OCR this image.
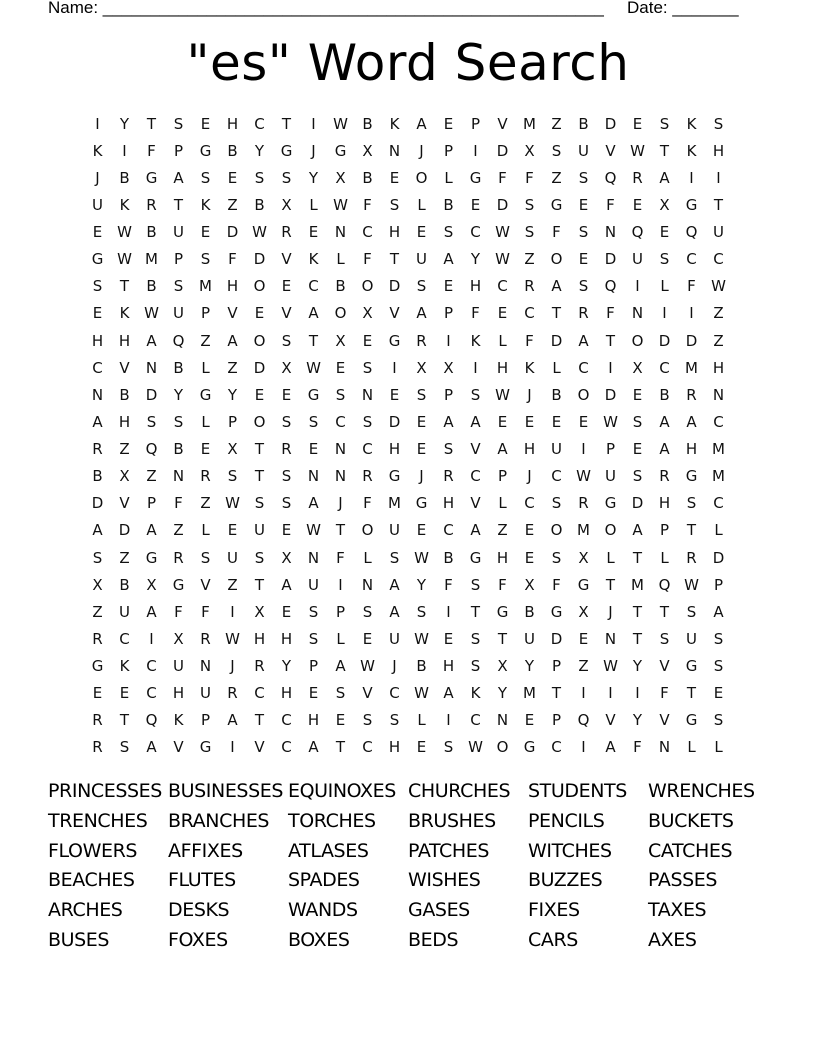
Name: _____________________________________________________ Date: _______
"es" Word Search
I	Y	T	S	E	H	C	T	I	W B	K	A	E	P	V	M	Z	B	D	E	S	K	S
K	I	F	P	G	B	Y	G	J	G	X	N	J	P	I	D	X	S	U	V W T	K	H
J	B	G	A	S	E	S	S	Y	X	B	E	O	L	G	F	F	Z	S	Q	R	A	I	I
U	K	R	T	K	Z	B	X	L	W	F	S	L	B	E	D	S	G	E	F	E	X	G	T
E W B	U	E	D W R	E	N	C	H	E	S	C W S	F	S	N	Q	E	Q	U
G W M	P	S	F	D	V	K	L	F	T	U	A	Y	W Z	O	E	D	U	S	C	C
S	T	B	S	M H	O	E	C	B	O	D	S	E	H	C	R	A	S	Q	I	L	F	W
E	K W U	P	V	E	V	A	O	X	V	A	P	F	E	C	T	R	F	N	I	I	Z
H	H	A	Q	Z	A	O	S	T	X	E	G	R	I	K	L	F	D	A	T	O	D	D	Z
C	V	N	B	L	Z	D	X W E	S	I	X	X	I	H	K	L	C	I	X	C	M H
N	B	D	Y	G	Y	E	E	G	S	N	E	S	P	S W	J	B	O	D	E	B	R	N
A	H	S	S	L	P	O	S	S	C	S	D	E	A	A	E	E	E	E W S	A	A	C
R	Z	Q	B	E	X	T	R	E	N	C	H	E	S	V	A	H	U	I	P	E	A	H M
B	X	Z	N	R	S	T	S	N	N	R	G	J	R	C	P	J	C W U	S	R	G M
D	V	P	F	Z W S	S	A	J	F	M G	H	V	L	C	S	R	G	D	H	S	C
A	D	A	Z	L	E	U	E W T	O	U	E	C	A	Z	E	O M O	A	P	T	L
S	Z	G	R	S	U	S	X	N	F	L	S W B	G	H	E	S	X	L	T	L	R	D
X	B	X	G	V	Z	T	A	U	I	N	A	Y	F	S	F	X	F	G	T	M Q W	P
Z	U	A	F	F	I	X	E	S	P	S	A	S	I	T	G	B	G	X	J	T	T	S	A
R	C	I	X	R W H	H	S	L	E	U W E	S	T	U	D	E	N	T	S	U	S
G	K	C	U	N	J	R	Y	P	A W	J	B	H	S	X	Y	P	Z W Y	V	G	S
E	E	C	H	U	R	C	H	E	S	V	C W A	K	Y	M	T	I	I	I	F	T	E
R	T	Q	K	P	A	T	C	H	E	S	S	L	I	C	N	E	P	Q	V	Y	V	G	S
R	S	A	V	G	I	V	C	A	T	C	H	E	S W O	G	C	I	A	F	N	L	L
PRINCESSES BUSINESSES EQUINOXES CHURCHES STUDENTS	WRENCHES
TRENCHES	BRANCHES TORCHES	BRUSHES	PENCILS	BUCKETS
FLOWERS	AFFIXES	ATLASES	PATCHES	WITCHES	CATCHES
BEACHES	FLUTES	SPADES	WISHES	BUZZES	PASSES
ARCHES	DESKS	WANDS	GASES	FIXES	TAXES
BUSES	FOXES	BOXES	BEDS	CARS	AXES
